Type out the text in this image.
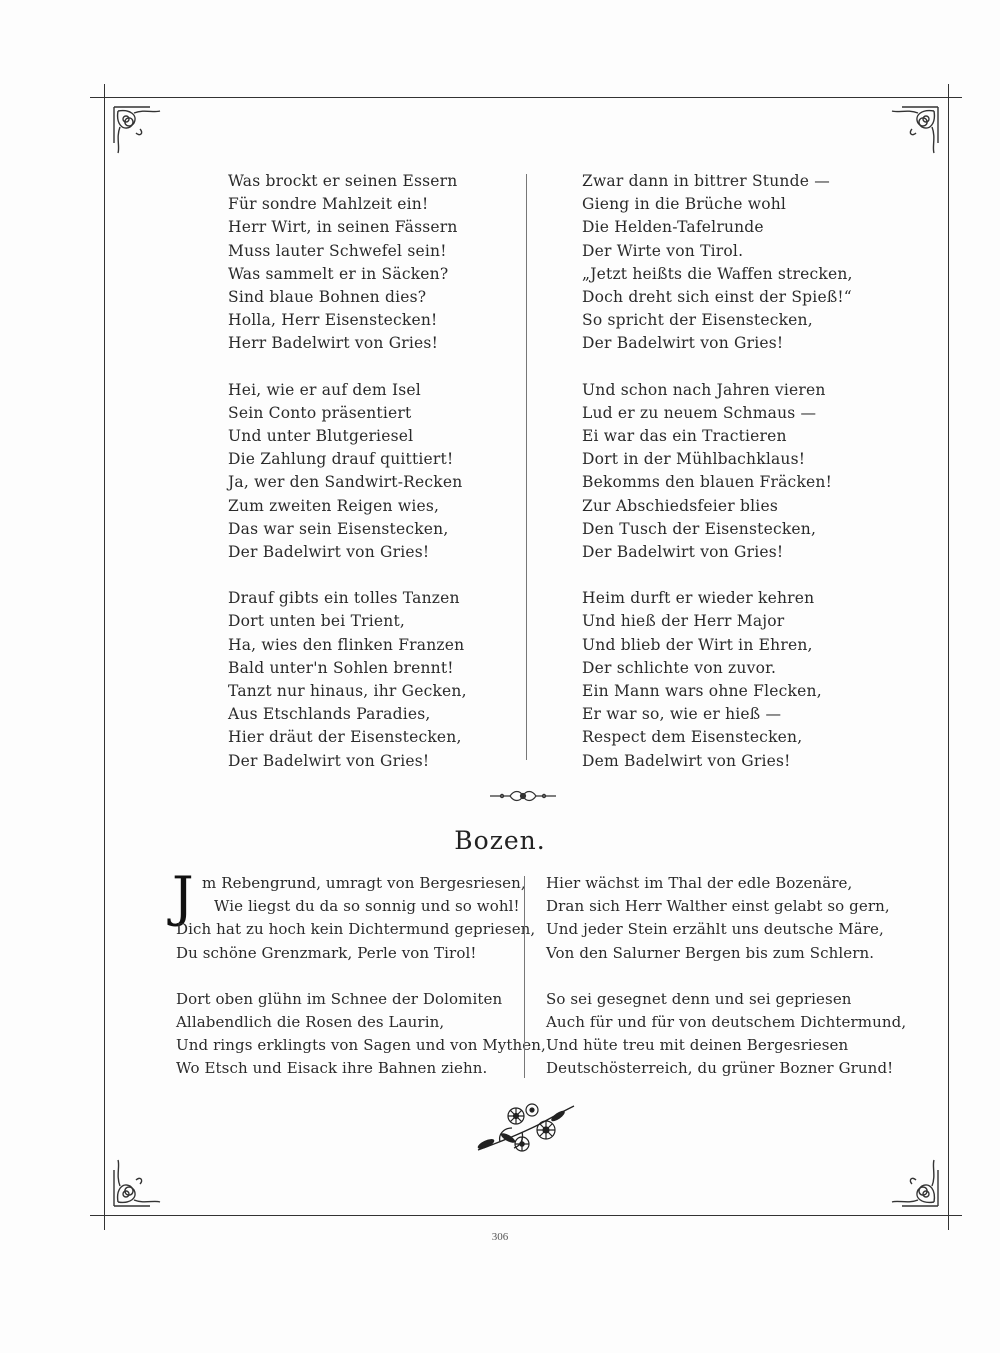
Was brockt er seinen Essern
Für sondre Mahlzeit ein!
Herr Wirt, in seinen Fässern
Muss lauter Schwefel sein!
Was sammelt er in Säcken?
Sind blaue Bohnen dies?
Holla, Herr Eisenstecken!
Herr Badelwirt von Gries!
Hei, wie er auf dem Isel
Sein Conto präsentiert
Und unter Blutgeriesel
Die Zahlung drauf quittiert!
Ja, wer den Sandwirt-Recken
Zum zweiten Reigen wies,
Das war sein Eisenstecken,
Der Badelwirt von Gries!
Drauf gibts ein tolles Tanzen
Dort unten bei Trient,
Ha, wies den flinken Franzen
Bald unter'n Sohlen brennt!
Tanzt nur hinaus, ihr Gecken,
Aus Etschlands Paradies,
Hier dräut der Eisenstecken,
Der Badelwirt von Gries!
Zwar dann in bittrer Stunde —
Gieng in die Brüche wohl
Die Helden-Tafelrunde
Der Wirte von Tirol.
„Jetzt heißts die Waffen strecken,
Doch dreht sich einst der Spieß!“
So spricht der Eisenstecken,
Der Badelwirt von Gries!
Und schon nach Jahren vieren
Lud er zu neuem Schmaus —
Ei war das ein Tractieren
Dort in der Mühlbachklaus!
Bekomms den blauen Fräcken!
Zur Abschiedsfeier blies
Den Tusch der Eisenstecken,
Der Badelwirt von Gries!
Heim durft er wieder kehren
Und hieß der Herr Major
Und blieb der Wirt in Ehren,
Der schlichte von zuvor.
Ein Mann wars ohne Flecken,
Er war so, wie er hieß —
Respect dem Eisenstecken,
Dem Badelwirt von Gries!
Bozen.
J m Rebengrund, umragt von Bergesriesen,
Wie liegst du da so sonnig und so wohl!
Dich hat zu hoch kein Dichtermund gepriesen,
Du schöne Grenzmark, Perle von Tirol!
Dort oben glühn im Schnee der Dolomiten
Allabendlich die Rosen des Laurin,
Und rings erklingts von Sagen und von Mythen,
Wo Etsch und Eisack ihre Bahnen ziehn.
Hier wächst im Thal der edle Bozenäre,
Dran sich Herr Walther einst gelabt so gern,
Und jeder Stein erzählt uns deutsche Märe,
Von den Salurner Bergen bis zum Schlern.
So sei gesegnet denn und sei gepriesen
Auch für und für von deutschem Dichtermund,
Und hüte treu mit deinen Bergesriesen
Deutschösterreich, du grüner Bozner Grund!
306
